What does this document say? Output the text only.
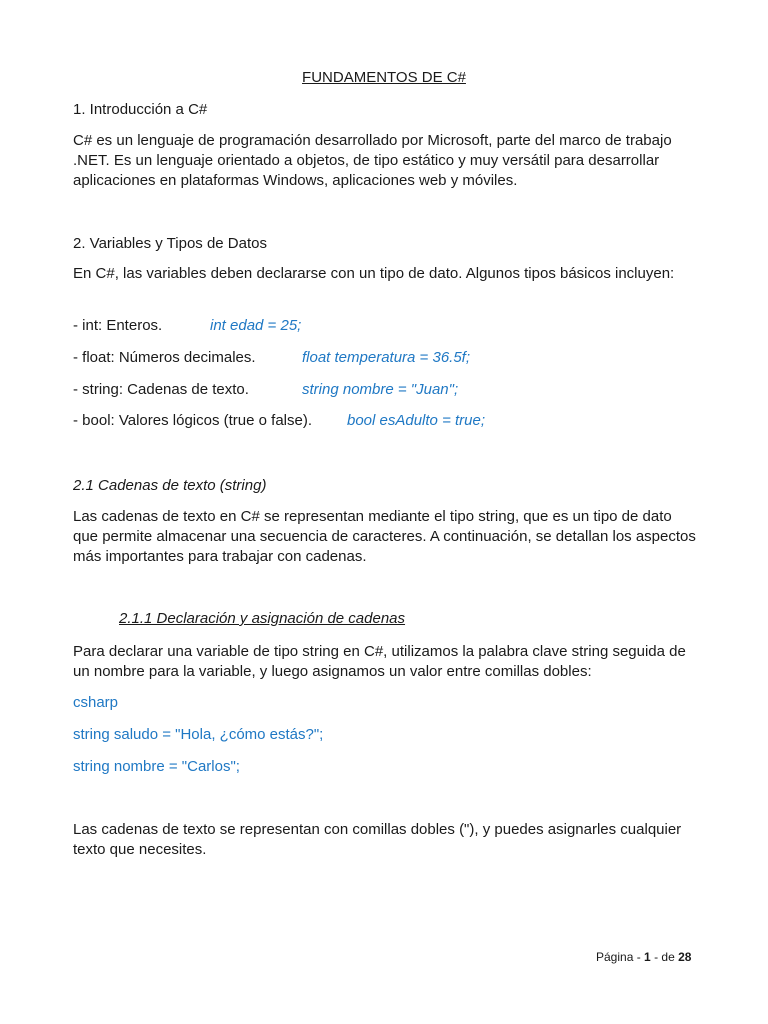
FUNDAMENTOS DE C#
1. Introducción a C#
C# es un lenguaje de programación desarrollado por Microsoft, parte del marco de trabajo .NET. Es un lenguaje orientado a objetos, de tipo estático y muy versátil para desarrollar aplicaciones en plataformas Windows, aplicaciones web y móviles.
2. Variables y Tipos de Datos
En C#, las variables deben declararse con un tipo de dato. Algunos tipos básicos incluyen:
- int: Enteros.	int edad = 25;
- float: Números decimales.	float temperatura = 36.5f;
- string: Cadenas de texto.	string nombre = "Juan";
- bool: Valores lógicos (true o false). bool esAdulto = true;
2.1 Cadenas de texto (string)
Las cadenas de texto en C# se representan mediante el tipo string, que es un tipo de dato que permite almacenar una secuencia de caracteres. A continuación, se detallan los aspectos más importantes para trabajar con cadenas.
2.1.1 Declaración y asignación de cadenas
Para declarar una variable de tipo string en C#, utilizamos la palabra clave string seguida de un nombre para la variable, y luego asignamos un valor entre comillas dobles:
csharp
string saludo = "Hola, ¿cómo estás?";
string nombre = "Carlos";
Las cadenas de texto se representan con comillas dobles ("), y puedes asignarles cualquier texto que necesites.
Página - 1 - de 28
